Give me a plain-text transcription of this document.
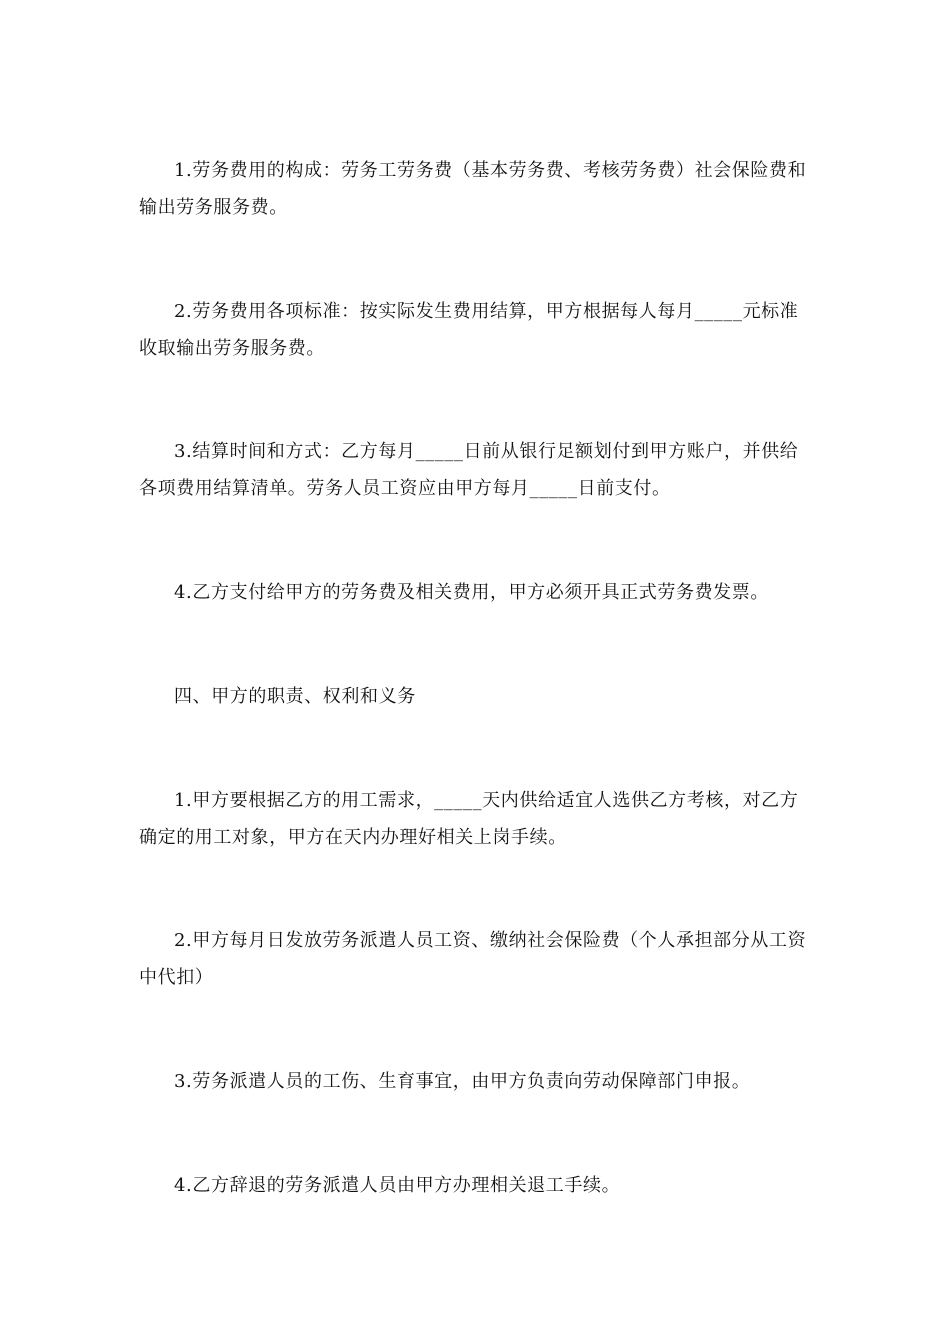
1.劳务费用的构成：劳务工劳务费（基本劳务费、考核劳务费）社会保险费和输出劳务服务费。

2.劳务费用各项标准：按实际发生费用结算，甲方根据每人每月_____元标准收取输出劳务服务费。

3.结算时间和方式：乙方每月_____日前从银行足额划付到甲方账户，并供给各项费用结算清单。劳务人员工资应由甲方每月_____日前支付。

4.乙方支付给甲方的劳务费及相关费用，甲方必须开具正式劳务费发票。

四、甲方的职责、权利和义务

1.甲方要根据乙方的用工需求，_____天内供给适宜人选供乙方考核，对乙方确定的用工对象，甲方在天内办理好相关上岗手续。

2.甲方每月日发放劳务派遣人员工资、缴纳社会保险费（个人承担部分从工资中代扣）

3.劳务派遣人员的工伤、生育事宜，由甲方负责向劳动保障部门申报。

4.乙方辞退的劳务派遣人员由甲方办理相关退工手续。
